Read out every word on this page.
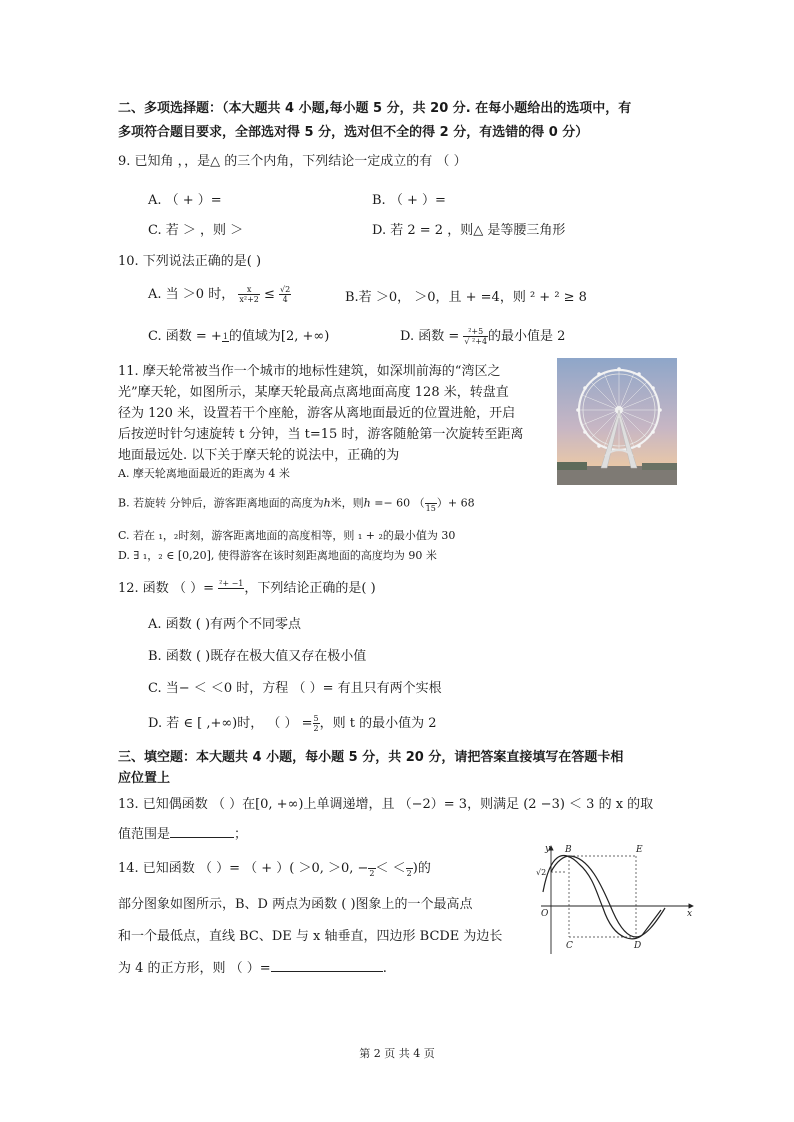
二、多项选择题：（本大题共 4 小题,每小题 5 分，共 20 分. 在每小题给出的选项中，有
多项符合题目要求，全部选对得 5 分，选对但不全的得 2 分，有选错的得 0 分）
9. 已知角 ，，是△ 的三个内角，下列结论一定成立的有 （ ）
A. （ + ）=	B. （ + ）=
C. 若 ＞ ，则 ＞	D. 若 2 = 2 ，则△ 是等腰三角形
10. 下列说法正确的是( )
A. 当 ＞0 时， $\frac{x}{\text{x²+2}} \le \frac{√2}{4}$	B.若 ＞0， ＞0，且 + =4，则 ² + ² ≥ 8
C. 函数 = + 1 的值域为[2, +∞)	D. 函数 = $\frac{\text{²+5}}{\text{√ ²+4}}$ 的最小值是 2
11. 摩天轮常被当作一个城市的地标性建筑，如深圳前海的“湾区之
光”摩天轮，如图所示，某摩天轮最高点离地面高度 128 米，转盘直
径为 120 米，设置若干个座舱，游客从离地面最近的位置进舱，开启
后按逆时针匀速旋转 t 分钟，当 t=15 时，游客随舱第一次旋转至距离
地面最远处. 以下关于摩天轮的说法中，正确的为
A. 摩天轮离地面最近的距离为 4 米
B. 若旋转 分钟后，游客距离地面的高度为ℎ米，则ℎ =− 60 （ 15 ）+ 68
C. 若在 ₁，₂时刻，游客距离地面的高度相等，则 ₁ + ₂的最小值为 30
D. ∃ ₁，₂ ∈ [0,20], 使得游客在该时刻距离地面的高度均为 90 米
12. 函数 （ ）= ²+ −1 ，下列结论正确的是( )
A. 函数 ( )有两个不同零点
B. 函数 ( )既存在极大值又存在极小值
C. 当− ＜ ＜0 时，方程 （ ）= 有且只有两个实根
D. 若 ∈ [ ,+∞)时， （ ） = $\frac{5}{2}$ ，则 t 的最小值为 2
三、填空题：本大题共 4 小题，每小题 5 分，共 20 分，请把答案直接填写在答题卡相
应位置上
13. 已知偶函数 （ ）在[0, +∞)上单调递增，且 （−2）= 3，则满足 (2 −3) ＜ 3 的 x 的取
值范围是	；
14. 已知函数 （ ）= （ + ）( ＞0, ＞0, − 2 ＜ ＜ 2 )的
部分图象如图所示，B、D 两点为函数 ( )图象上的一个最高点
和一个最低点，直线 BC、DE 与 x 轴垂直，四边形 BCDE 为边长
为 4 的正方形，则 （ ）=	.
y
x
O
√2
B
C	D
E
第 2 页 共 4 页
